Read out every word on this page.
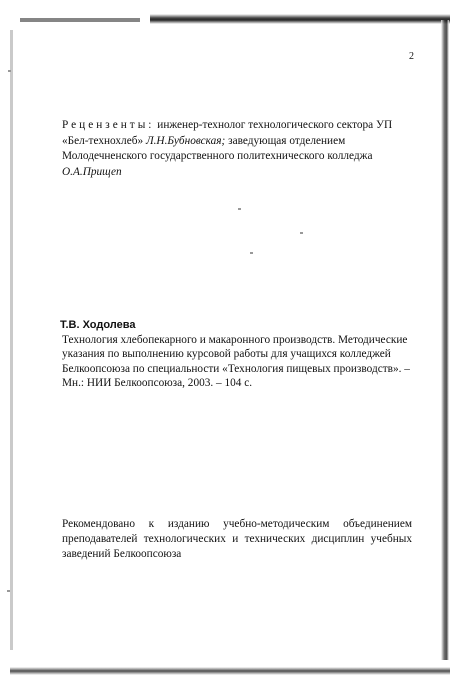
2
Рецензенты: инженер-технолог технологического сектора УП «Бел-технохлеб» Л.Н.Бубновская; заведующая отделением Молодечненского государственного политехнического колледжа О.А.Прищеп
Т.В. Ходолева
Технология хлебопекарного и макаронного производств. Методические указания по выполнению курсовой работы для учащихся колледжей Белкоопсоюза по специальности «Технология пищевых производств». – Мн.: НИИ Белкоопсоюза, 2003. – 104 с.
Рекомендовано к изданию учебно-методическим объединением преподавателей технологических и технических дисциплин учебных заведений Белкоопсоюза
